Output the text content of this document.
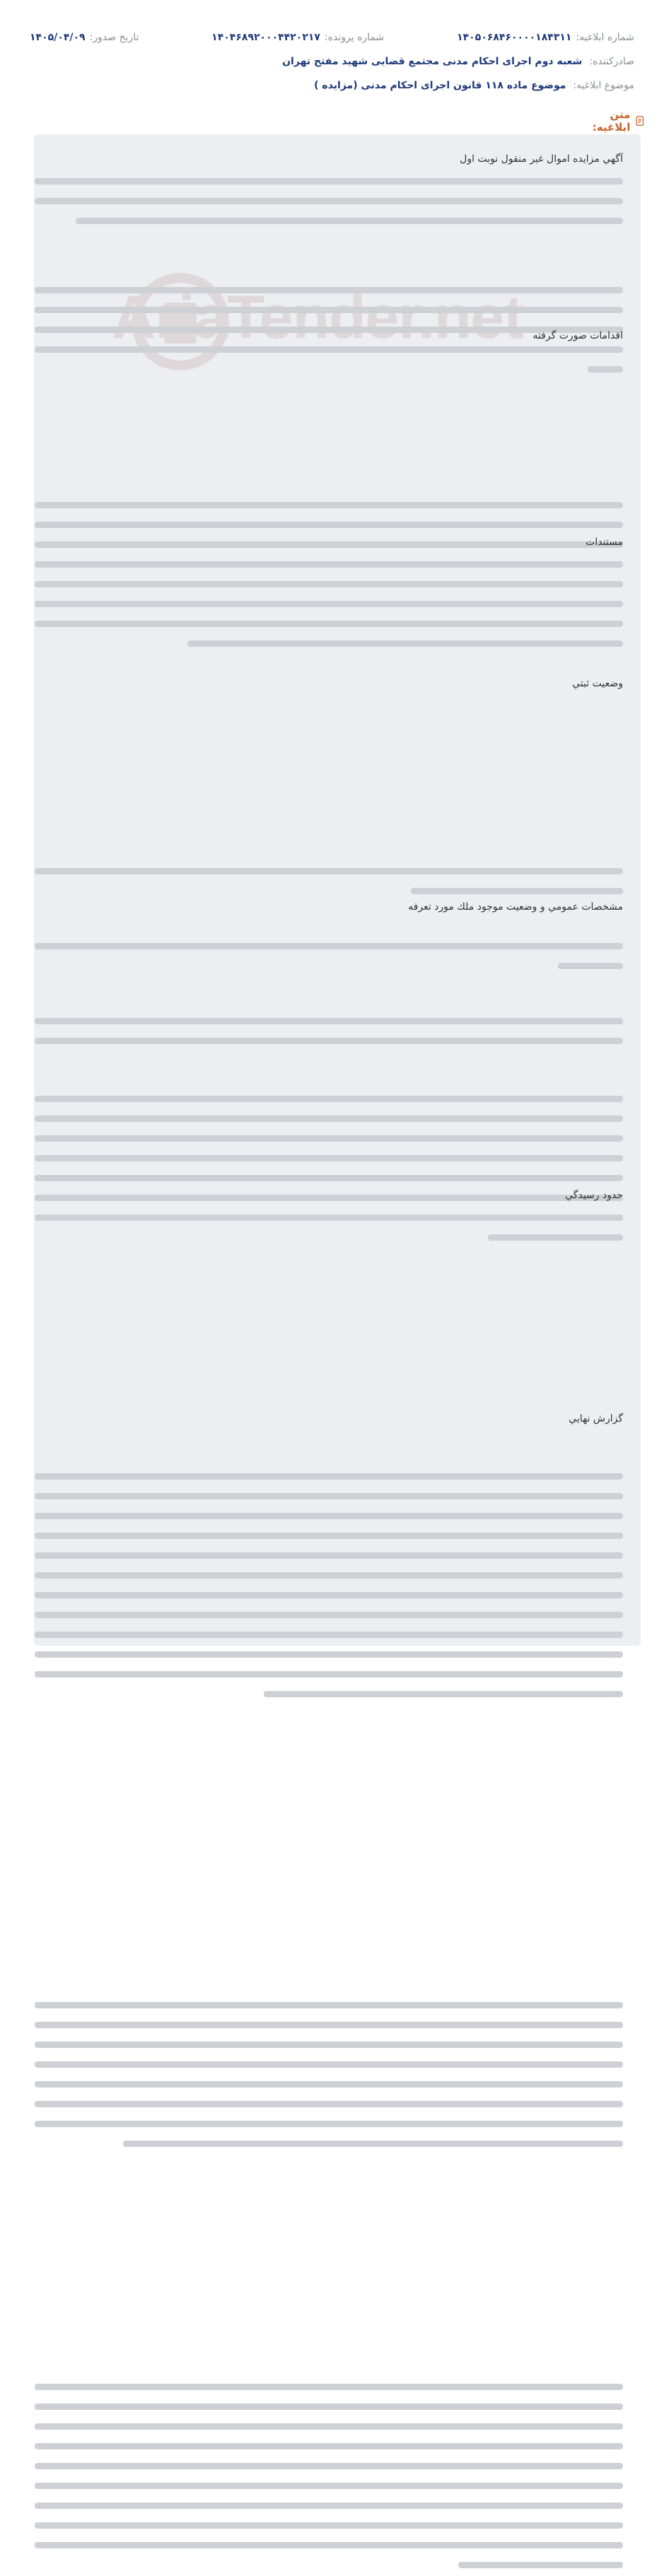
شماره ابلاغیه:
۱۴۰۵۰۶۸۴۶۰۰۰۰۱۸۴۳۱۱
شماره پرونده:
۱۴۰۴۶۸۹۲۰۰۰۴۴۲۰۲۱۷
تاریخ صدور:
۱۴۰۵/۰۴/۰۹
صادرکننده:
شعبه دوم اجرای احکام مدنی مجتمع قضایی شهید مفتح تهران
موضوع ابلاغیه:
موضوع ماده ۱۱۸ قانون اجرای احکام مدنی (مزایده )
متن ابلاغیه:
آگهي مزايده اموال غير منقول نوبت اول
اقدامات صورت گرفته
مستندات
وضعيت ثبتي
مشخصات عمومي و وضعيت موجود ملك مورد تعرفه
حدود رسيدگي
گزارش نهايي
